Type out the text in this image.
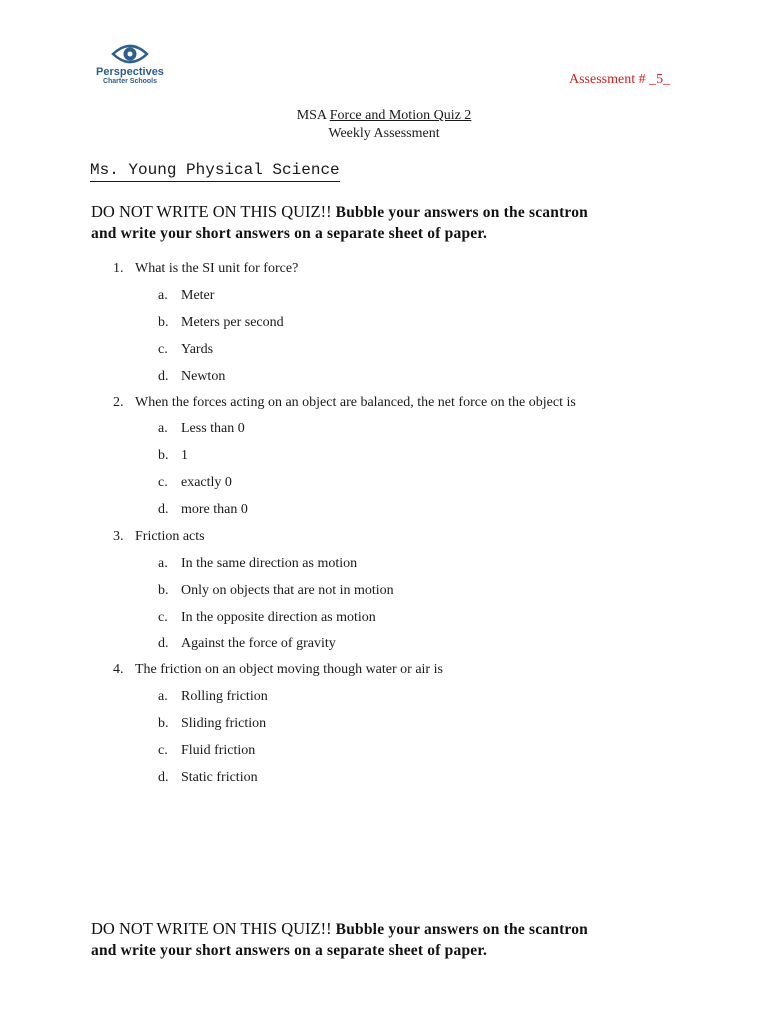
Perspectives
Charter Schools	Assessment # _5_
MSA Force and Motion Quiz 2
Weekly Assessment
Ms. Young Physical Science
DO NOT WRITE ON THIS QUIZ!! Bubble your answers on the scantron
and write your short answers on a separate sheet of paper.
1. What is the SI unit for force?
a. Meter
b. Meters per second
c. Yards
d. Newton
2. When the forces acting on an object are balanced, the net force on the object is
a. Less than 0
b. 1
c. exactly 0
d. more than 0
3. Friction acts
a. In the same direction as motion
b. Only on objects that are not in motion
c. In the opposite direction as motion
d. Against the force of gravity
4. The friction on an object moving though water or air is
a. Rolling friction
b. Sliding friction
c. Fluid friction
d. Static friction
DO NOT WRITE ON THIS QUIZ!! Bubble your answers on the scantron
and write your short answers on a separate sheet of paper.
